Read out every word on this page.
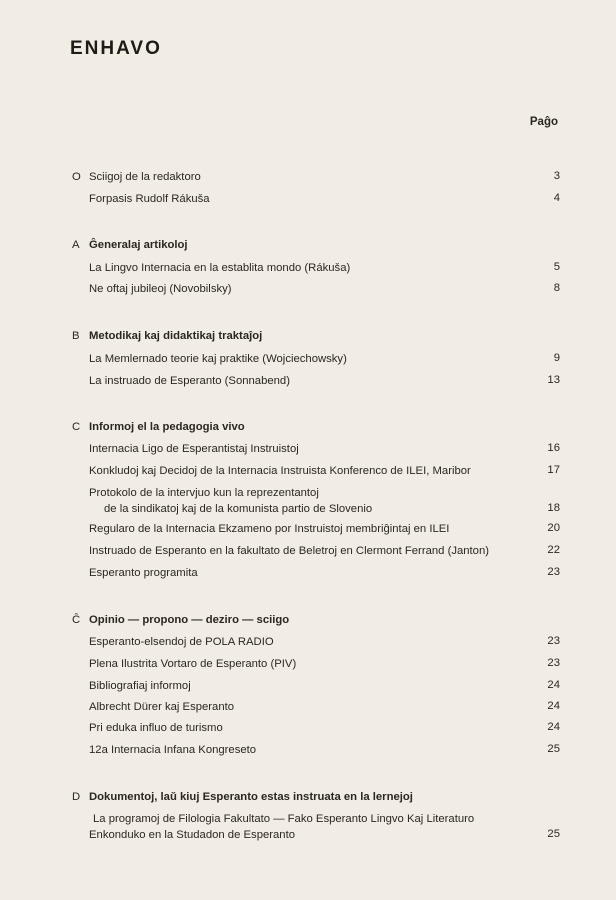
ENHAVO
Paĝo
O Sciigoj de la redaktoro	3
Forpasis Rudolf Rákuša	4
A Ĝeneralaj artikoloj
La Lingvo Internacia en la establita mondo (Rákuša)	5
Ne oftaj jubileoj (Novobilsky)	8
B Metodikaj kaj didaktikaj traktaĵoj
La Memlernado teorie kaj praktike (Wojciechowsky)	9
La instruado de Esperanto (Sonnabend)	13
C Informoj el la pedagogia vivo
Internacia Ligo de Esperantistaj Instruistoj	16
Konkludoj kaj Decidoj de la Internacia Instruista Konferenco de ILEI, Maribor	17
Protokolo de la intervjuo kun la reprezentantoj
de la sindikatoj kaj de la komunista partio de Slovenio	18
Regularo de la Internacia Ekzameno por Instruistoj membriĝintaj en ILEI	20
Instruado de Esperanto en la fakultato de Beletroj en Clermont Ferrand (Janton)	22
Esperanto programita	23
Ĉ Opinio — propono — deziro — sciigo
Esperanto-elsendoj de POLA RADIO	23
Plena Ilustrita Vortaro de Esperanto (PIV)	23
Bibliografiaj informoj	24
Albrecht Dürer kaj Esperanto	24
Pri eduka influo de turismo	24
12a Internacia Infana Kongreseto	25
D Dokumentoj, laŭ kiuj Esperanto estas instruata en la lernejoj
La programoj de Filologia Fakultato — Fako Esperanto Lingvo Kaj Literaturo
Enkonduko en la Studadon de Esperanto	25
